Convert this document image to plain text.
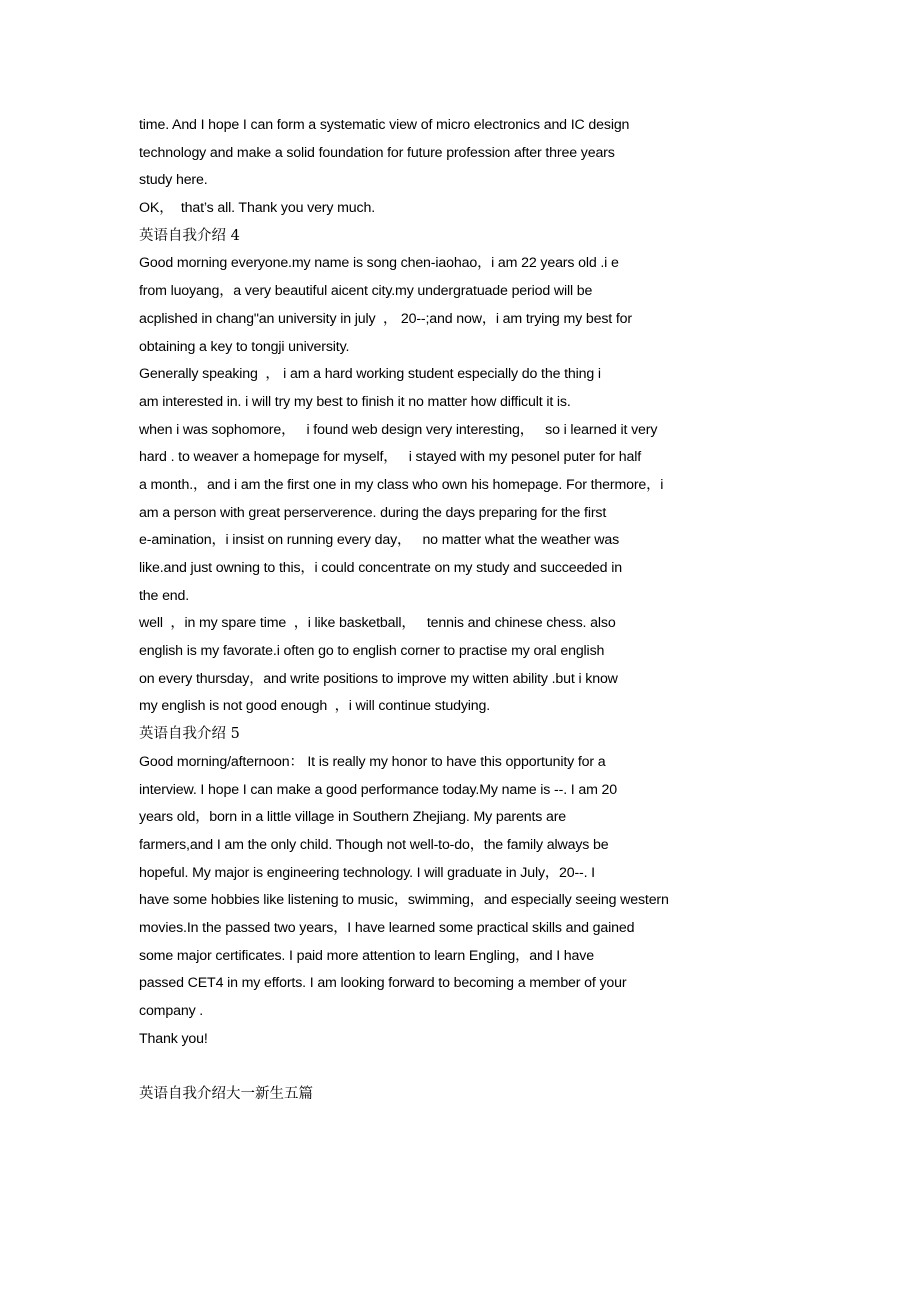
time. And I hope I can form a systematic view of micro electronics and IC design
technology and make a solid foundation for future profession after three years
study here.
OK，  that’s all. Thank you very much.
英语自我介绍 4
Good morning everyone.my name is song chen-iaohao，i am 22 years old .i e
from luoyang，a very beautiful aicent city.my undergratuade period will be
acplished in chang"an university in july  ， 20--;and now，i am trying my best for
obtaining a key to tongji university.
Generally speaking  ， i am a hard working student especially do the thing i
am interested in. i will try my best to finish it no matter how difficult it is.
when i was sophomore，   i found web design very interesting，   so i learned it very
hard . to weaver a homepage for myself，   i stayed with my pesonel puter for half
a month.，and i am the first one in my class who own his homepage. For thermore，i
am a person with great perserverence. during the days preparing for the first
e-amination，i insist on running every day，   no matter what the weather was
like.and just owning to this，i could concentrate on my study and succeeded in
the end.
well  ，in my spare time  ，i like basketball，   tennis and chinese chess. also
english is my favorate.i often go to english corner to practise my oral english
on every thursday，and write positions to improve my witten ability .but i know
my english is not good enough  ，i will continue studying.
英语自我介绍 5
Good morning/afternoon： It is really my honor to have this opportunity for a
interview. I hope I can make a good performance today.My name is --. I am 20
years old，born in a little village in Southern Zhejiang. My parents are
farmers,and I am the only child. Though not well-to-do，the family always be
hopeful. My major is engineering technology. I will graduate in July，20--. I
have some hobbies like listening to music，swimming，and especially seeing western
movies.In the passed two years，I have learned some practical skills and gained
some major certificates. I paid more attention to learn Engling，and I have
passed CET4 in my efforts. I am looking forward to becoming a member of your
company .
Thank you!
英语自我介绍大一新生五篇
